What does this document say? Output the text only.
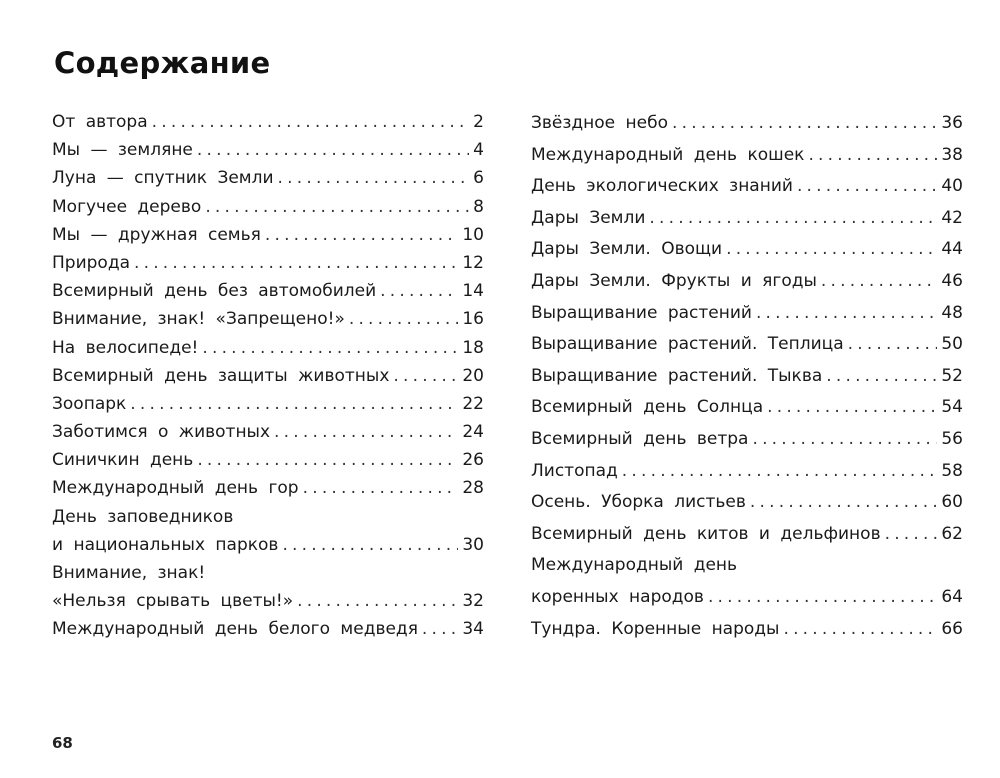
Содержание
От автора .....	2
Мы — земляне .....	4
Луна — спутник Земли .....	6
Могучее дерево .....	8
Мы — дружная семья .....	10
Природа .....	12
Всемирный день без автомобилей .....	14
Внимание, знак! «Запрещено!» .....	16
На велосипеде! .....	18
Всемирный день защиты животных .....	20
Зоопарк .....	22
Заботимся о животных .....	24
Синичкин день .....	26
Международный день гор .....	28
День заповедников
и национальных парков .....	30
Внимание, знак!
«Нельзя срывать цветы!» .....	32
Международный день белого медведя .....	34
Звёздное небо .....	36
Международный день кошек .....	38
День экологических знаний .....	40
Дары Земли .....	42
Дары Земли. Овощи .....	44
Дары Земли. Фрукты и ягоды .....	46
Выращивание растений .....	48
Выращивание растений. Теплица .....	50
Выращивание растений. Тыква .....	52
Всемирный день Солнца .....	54
Всемирный день ветра .....	56
Листопад .....	58
Осень. Уборка листьев .....	60
Всемирный день китов и дельфинов .....	62
Международный день
коренных народов .....	64
Тундра. Коренные народы .....	66
68
